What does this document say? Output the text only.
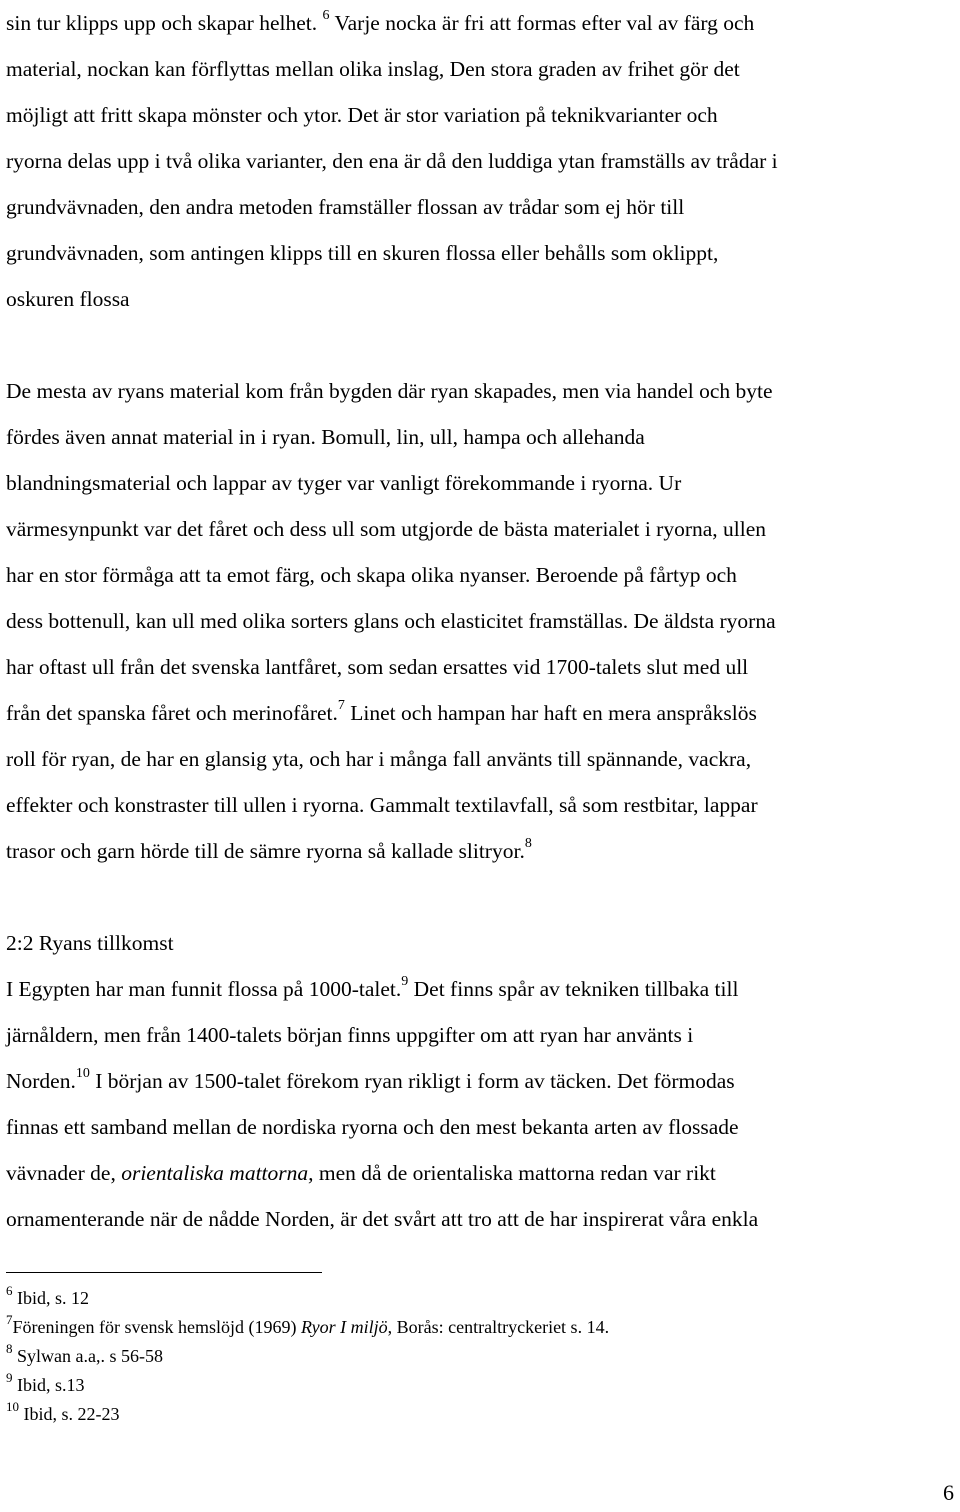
sin tur klipps upp och skapar helhet. $^6$ Varje nocka är fri att formas efter val av färg och
material, nockan kan förflyttas mellan olika inslag, Den stora graden av frihet gör det
möjligt att fritt skapa mönster och ytor. Det är stor variation på teknikvarianter och
ryorna delas upp i två olika varianter, den ena är då den luddiga ytan framställs av trådar i
grundvävnaden, den andra metoden framställer flossan av trådar som ej hör till
grundvävnaden, som antingen klipps till en skuren flossa eller behålls som oklippt,
oskuren flossa
De mesta av ryans material kom från bygden där ryan skapades, men via handel och byte
fördes även annat material in i ryan. Bomull, lin, ull, hampa och allehanda
blandningsmaterial och lappar av tyger var vanligt förekommande i ryorna. Ur
värmesynpunkt var det fåret och dess ull som utgjorde de bästa materialet i ryorna, ullen
har en stor förmåga att ta emot färg, och skapa olika nyanser. Beroende på fårtyp och
dess bottenull, kan ull med olika sorters glans och elasticitet framställas. De äldsta ryorna
har oftast ull från det svenska lantfåret, som sedan ersattes vid 1700-talets slut med ull
från det spanska fåret och merinofåret.$^7$ Linet och hampan har haft en mera anspråkslös
roll för ryan, de har en glansig yta, och har i många fall använts till spännande, vackra,
effekter och konstraster till ullen i ryorna. Gammalt textilavfall, så som restbitar, lappar
trasor och garn hörde till de sämre ryorna så kallade slitryor.$^8$
2:2 Ryans tillkomst
I Egypten har man funnit flossa på 1000-talet.$^9$ Det finns spår av tekniken tillbaka till
järnåldern, men från 1400-talets början finns uppgifter om att ryan har använts i
Norden.$^{10}$ I början av 1500-talet förekom ryan rikligt i form av täcken. Det förmodas
finnas ett samband mellan de nordiska ryorna och den mest bekanta arten av flossade
vävnader de, orientaliska mattorna, men då de orientaliska mattorna redan var rikt
ornamenterande när de nådde Norden, är det svårt att tro att de har inspirerat våra enkla
$^6$ Ibid, s. 12
$^7$Föreningen för svensk hemslöjd (1969) Ryor I miljö, Borås: centraltryckeriet s. 14.
$^8$ Sylwan a.a,. s 56-58
$^9$ Ibid, s.13
$^{10}$ Ibid, s. 22-23
6
